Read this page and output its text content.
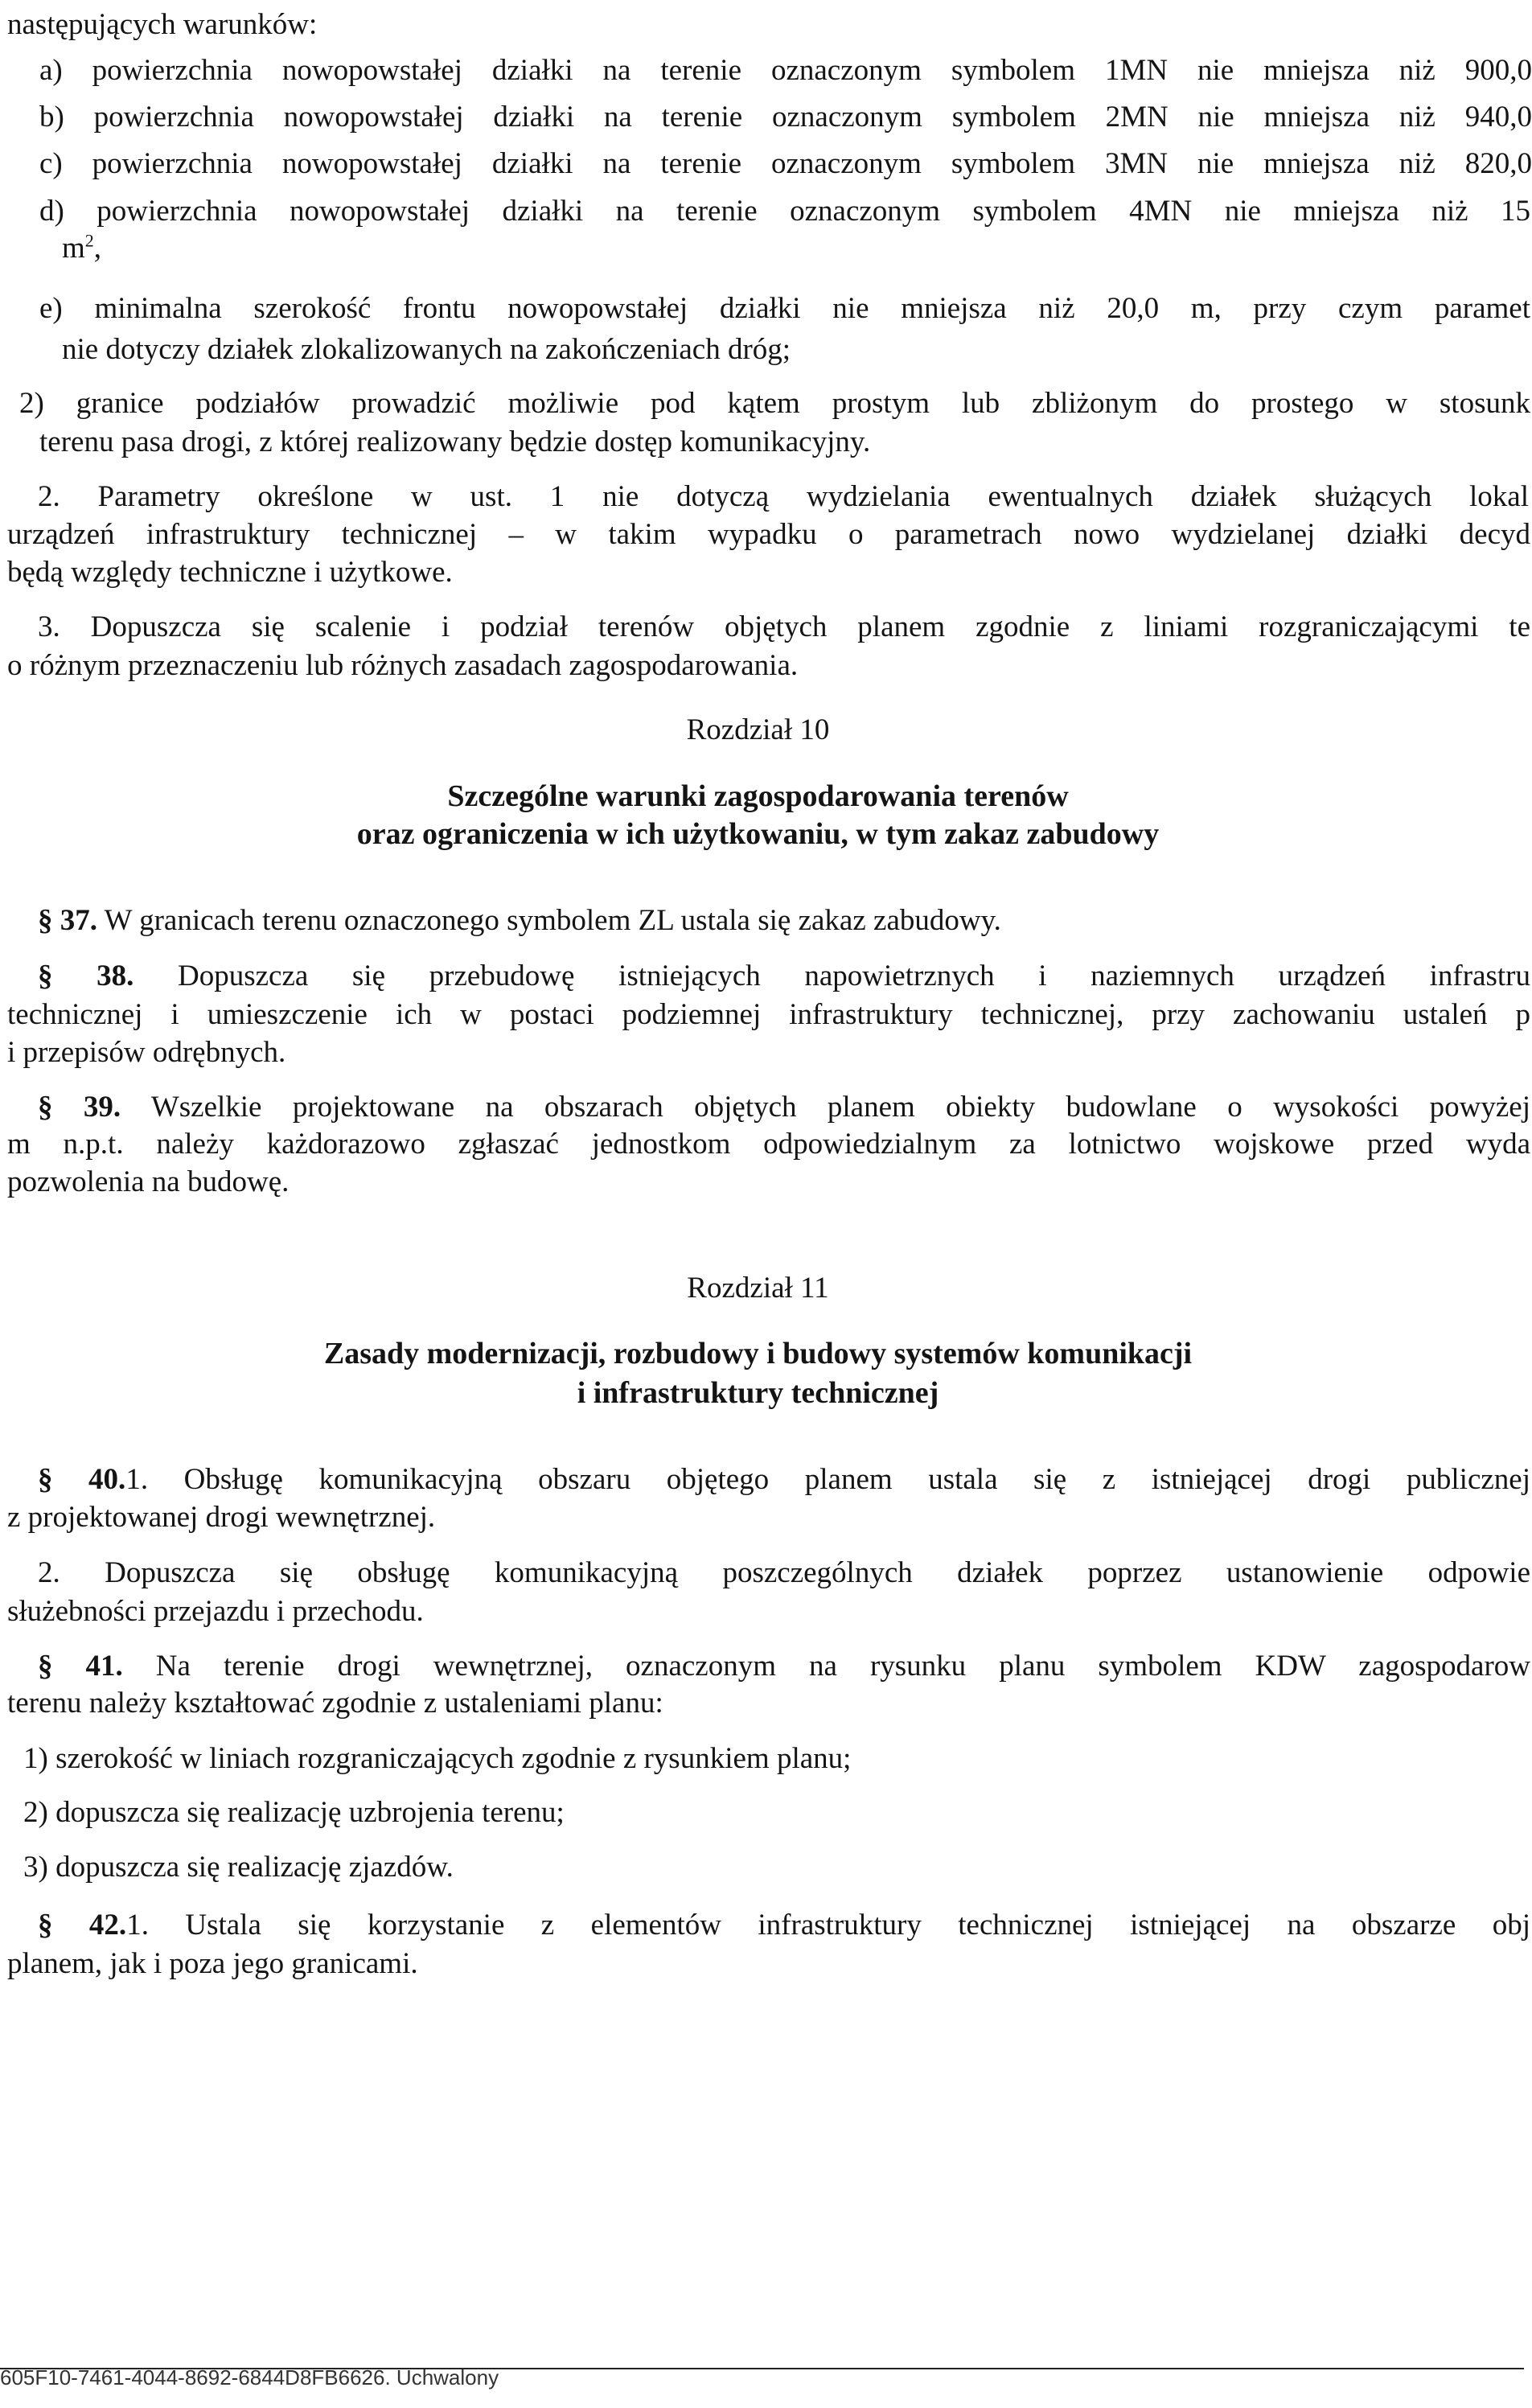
następujących warunków:
a) powierzchnia nowopowstałej działki na terenie oznaczonym symbolem 1MN nie mniejsza niż 900,0
b) powierzchnia nowopowstałej działki na terenie oznaczonym symbolem 2MN nie mniejsza niż 940,0
c) powierzchnia nowopowstałej działki na terenie oznaczonym symbolem 3MN nie mniejsza niż 820,0
d) powierzchnia nowopowstałej działki na terenie oznaczonym symbolem 4MN nie mniejsza niż 15
$m^2$,
e) minimalna szerokość frontu nowopowstałej działki nie mniejsza niż 20,0 m, przy czym paramet
nie dotyczy działek zlokalizowanych na zakończeniach dróg;
2) granice podziałów prowadzić możliwie pod kątem prostym lub zbliżonym do prostego w stosunk
terenu pasa drogi, z której realizowany będzie dostęp komunikacyjny.
2. Parametry określone w ust. 1 nie dotyczą wydzielania ewentualnych działek służących lokal
urządzeń infrastruktury technicznej – w takim wypadku o parametrach nowo wydzielanej działki decyd
będą względy techniczne i użytkowe.
3. Dopuszcza się scalenie i podział terenów objętych planem zgodnie z liniami rozgraniczającymi te
o różnym przeznaczeniu lub różnych zasadach zagospodarowania.
Rozdział 10
Szczególne warunki zagospodarowania terenów
oraz ograniczenia w ich użytkowaniu, w tym zakaz zabudowy
§ 37. W granicach terenu oznaczonego symbolem ZL ustala się zakaz zabudowy.
§ 38. Dopuszcza się przebudowę istniejących napowietrznych i naziemnych urządzeń infrastru
technicznej i umieszczenie ich w postaci podziemnej infrastruktury technicznej, przy zachowaniu ustaleń p
i przepisów odrębnych.
§ 39. Wszelkie projektowane na obszarach objętych planem obiekty budowlane o wysokości powyżej
m n.p.t. należy każdorazowo zgłaszać jednostkom odpowiedzialnym za lotnictwo wojskowe przed wyda
pozwolenia na budowę.
Rozdział 11
Zasady modernizacji, rozbudowy i budowy systemów komunikacji
i infrastruktury technicznej
§ 40.1. Obsługę komunikacyjną obszaru objętego planem ustala się z istniejącej drogi publicznej
z projektowanej drogi wewnętrznej.
2. Dopuszcza się obsługę komunikacyjną poszczególnych działek poprzez ustanowienie odpowie
służebności przejazdu i przechodu.
§ 41. Na terenie drogi wewnętrznej, oznaczonym na rysunku planu symbolem KDW zagospodarow
terenu należy kształtować zgodnie z ustaleniami planu:
1) szerokość w liniach rozgraniczających zgodnie z rysunkiem planu;
2) dopuszcza się realizację uzbrojenia terenu;
3) dopuszcza się realizację zjazdów.
§ 42.1. Ustala się korzystanie z elementów infrastruktury technicznej istniejącej na obszarze obj
planem, jak i poza jego granicami.
605F10-7461-4044-8692-6844D8FB6626. Uchwalony
